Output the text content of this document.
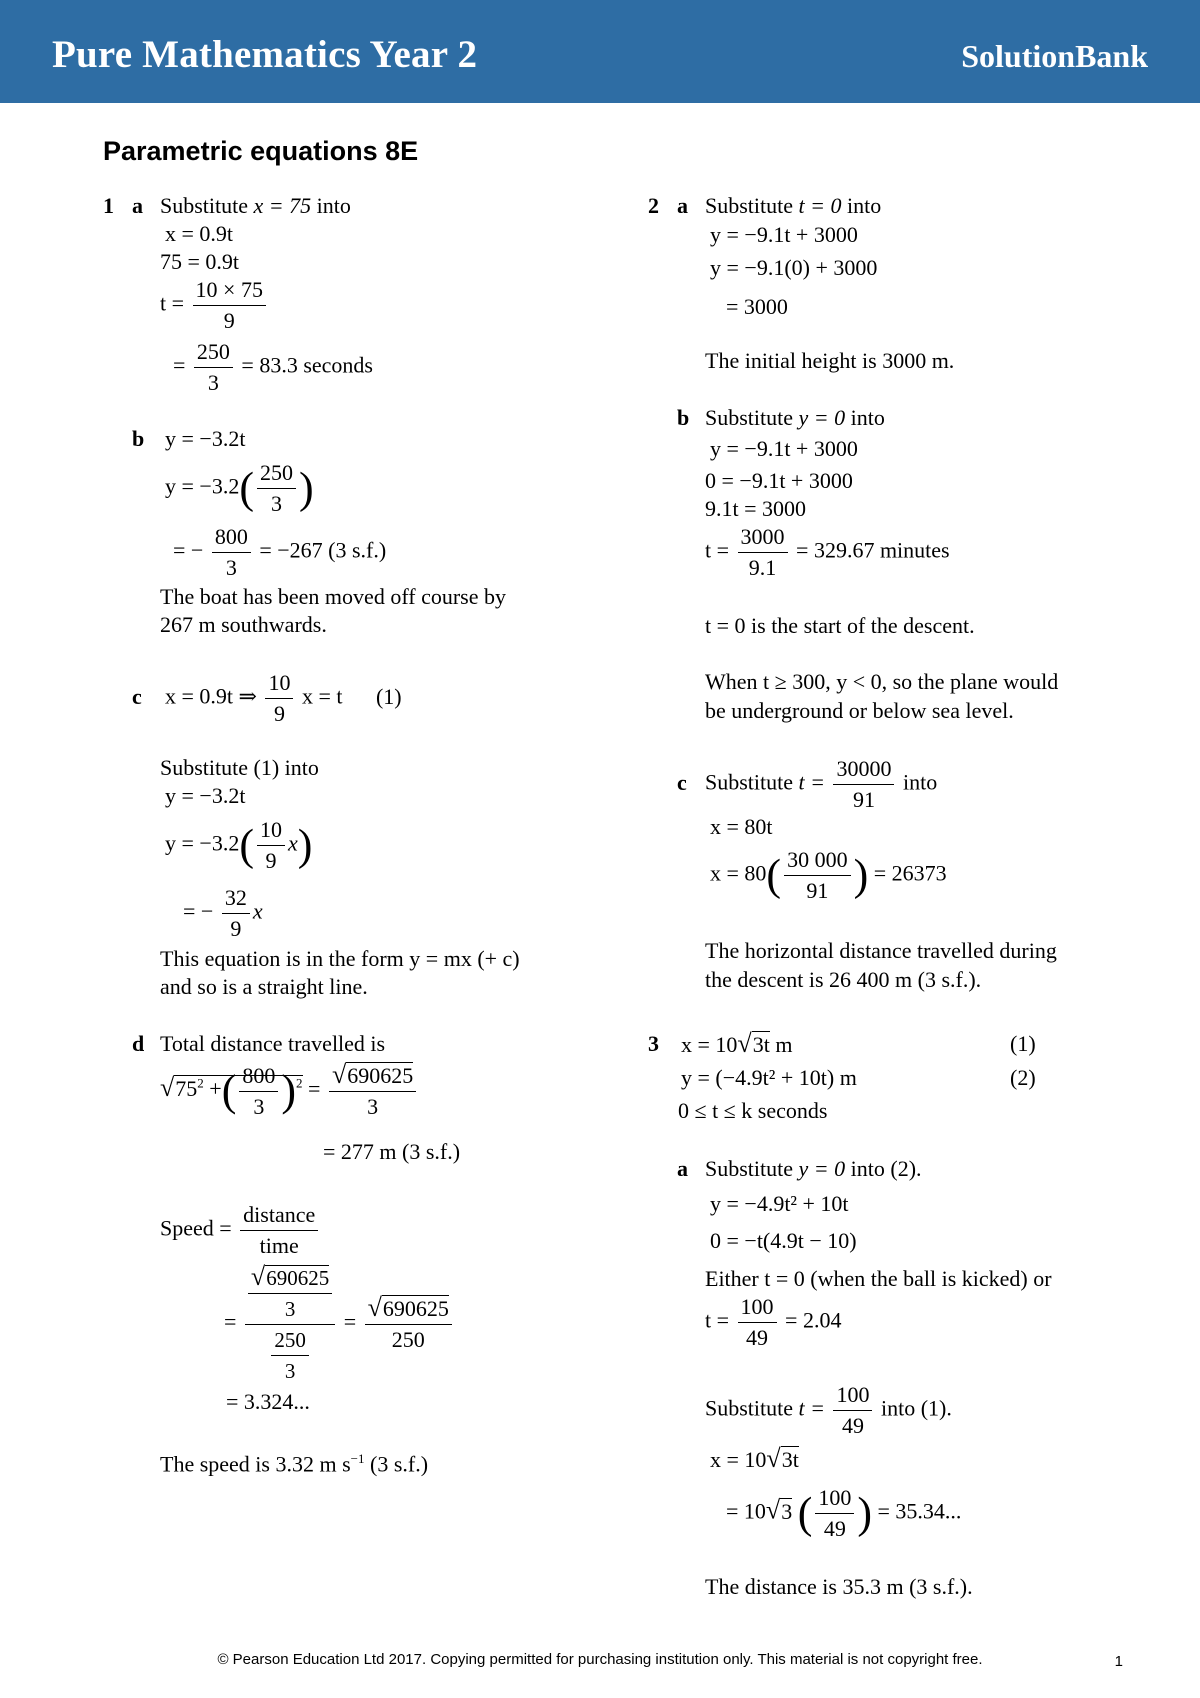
Pure Mathematics Year 2	SolutionBank
Parametric equations 8E
1 a Substitute x = 75 into
x = 0.9t
75 = 0.9t
$t = \frac{10 \times 75}{9}$
= $\frac{250}{3} = 83.3$ seconds
b y = −3.2t
$y = -3.2( \frac{250}{3}$ )
= − $\frac{800}{3} = -267$ (3 s.f.)
The boat has been moved off course by
267 m southwards.
c x = 0.9t ⇒ $\frac{10}{9}$ x = t (1)
Substitute (1) into
y = −3.2t
$y = -3.2( \frac{10}{9} x)$
= − $\frac{32}{9}$ x
This equation is in the form y = mx (+ c)
and so is a straight line.
d Total distance travelled is
$√75^2$ +( $\frac{800}{3} )^2 = \frac{√690625}{3}$
= 277 m (3 s.f.)
Speed = $\frac{\text{distance}}{\text{time}}$
= $\frac{\frac{√690625}{3}}{\frac{250}{3}} = \frac{√690625}{250}$
= 3.324...
The speed is 3.32 m $s^{-1}$ (3 s.f.)
2 a Substitute t = 0 into
y = −9.1t + 3000
y = −9.1(0) + 3000
= 3000
The initial height is 3000 m.
b Substitute y = 0 into
y = −9.1t + 3000
0 = −9.1t + 3000
9.1t = 3000
$t = \frac{3000}{9.1} = 329.67$ minutes
t = 0 is the start of the descent.
When t ≥ 300, y < 0, so the plane would
be underground or below sea level.
c Substitute $t = \frac{30000}{91}$ into
x = 80t
$x = 80( \frac{30 000}{91}$ ) = 26373
The horizontal distance travelled during
the descent is 26 400 m (3 s.f.).
3 x = 10√3t m	(1)
y = (−4.9t² + 10t) m	(2)
0 ≤ t ≤ k seconds
a Substitute y = 0 into (2).
y = −4.9t² + 10t
0 = −t(4.9t − 10)
Either t = 0 (when the ball is kicked) or
$t = \frac{100}{49} = 2.04$
Substitute $t = \frac{100}{49}$ into (1).
x = 10√3t
= 10√3 ( $\frac{100}{49}$ ) = 35.34...
The distance is 35.3 m (3 s.f.).
© Pearson Education Ltd 2017. Copying permitted for purchasing institution only. This material is not copyright free.	1
